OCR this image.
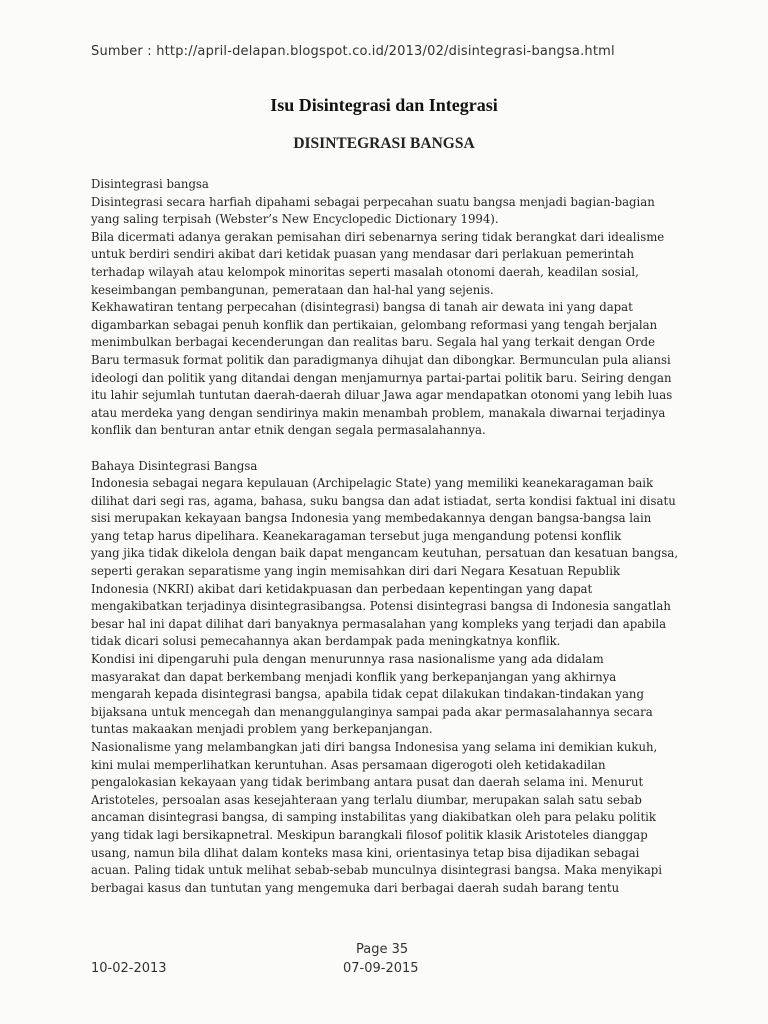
Sumber : http://april-delapan.blogspot.co.id/2013/02/disintegrasi-bangsa.html
Isu Disintegrasi dan Integrasi
DISINTEGRASI BANGSA
Disintegrasi bangsa
Disintegrasi secara harfiah dipahami sebagai perpecahan suatu bangsa menjadi bagian-bagian
yang saling terpisah (Webster’s New Encyclopedic Dictionary 1994).
Bila dicermati adanya gerakan pemisahan diri sebenarnya sering tidak berangkat dari idealisme
untuk berdiri sendiri akibat dari ketidak puasan yang mendasar dari perlakuan pemerintah
terhadap wilayah atau kelompok minoritas seperti masalah otonomi daerah, keadilan sosial,
keseimbangan pembangunan, pemerataan dan hal-hal yang sejenis.
Kekhawatiran tentang perpecahan (disintegrasi) bangsa di tanah air dewata ini yang dapat
digambarkan sebagai penuh konflik dan pertikaian, gelombang reformasi yang tengah berjalan
menimbulkan berbagai kecenderungan dan realitas baru. Segala hal yang terkait dengan Orde
Baru termasuk format politik dan paradigmanya dihujat dan dibongkar. Bermunculan pula aliansi
ideologi dan politik yang ditandai dengan menjamurnya partai-partai politik baru. Seiring dengan
itu lahir sejumlah tuntutan daerah-daerah diluar Jawa agar mendapatkan otonomi yang lebih luas
atau merdeka yang dengan sendirinya makin menambah problem, manakala diwarnai terjadinya
konflik dan benturan antar etnik dengan segala permasalahannya.
Bahaya Disintegrasi Bangsa
Indonesia sebagai negara kepulauan (Archipelagic State) yang memiliki keanekaragaman baik
dilihat dari segi ras, agama, bahasa, suku bangsa dan adat istiadat, serta kondisi faktual ini disatu
sisi merupakan kekayaan bangsa Indonesia yang membedakannya dengan bangsa-bangsa lain
yang tetap harus dipelihara. Keanekaragaman tersebut juga mengandung potensi konflik
yang jika tidak dikelola dengan baik dapat mengancam keutuhan, persatuan dan kesatuan bangsa,
seperti gerakan separatisme yang ingin memisahkan diri dari Negara Kesatuan Republik
Indonesia (NKRI) akibat dari ketidakpuasan dan perbedaan kepentingan yang dapat
mengakibatkan terjadinya disintegrasibangsa. Potensi disintegrasi bangsa di Indonesia sangatlah
besar hal ini dapat dilihat dari banyaknya permasalahan yang kompleks yang terjadi dan apabila
tidak dicari solusi pemecahannya akan berdampak pada meningkatnya konflik.
Kondisi ini dipengaruhi pula dengan menurunnya rasa nasionalisme yang ada didalam
masyarakat dan dapat berkembang menjadi konflik yang berkepanjangan yang akhirnya
mengarah kepada disintegrasi bangsa, apabila tidak cepat dilakukan tindakan-tindakan yang
bijaksana untuk mencegah dan menanggulanginya sampai pada akar permasalahannya secara
tuntas makaakan menjadi problem yang berkepanjangan.
Nasionalisme yang melambangkan jati diri bangsa Indonesisa yang selama ini demikian kukuh,
kini mulai memperlihatkan keruntuhan. Asas persamaan digerogoti oleh ketidakadilan
pengalokasian kekayaan yang tidak berimbang antara pusat dan daerah selama ini. Menurut
Aristoteles, persoalan asas kesejahteraan yang terlalu diumbar, merupakan salah satu sebab
ancaman disintegrasi bangsa, di samping instabilitas yang diakibatkan oleh para pelaku politik
yang tidak lagi bersikapnetral. Meskipun barangkali filosof politik klasik Aristoteles dianggap
usang, namun bila dlihat dalam konteks masa kini, orientasinya tetap bisa dijadikan sebagai
acuan. Paling tidak untuk melihat sebab-sebab munculnya disintegrasi bangsa. Maka menyikapi
berbagai kasus dan tuntutan yang mengemuka dari berbagai daerah sudah barang tentu
Page 35
10-02-2013	07-09-2015
